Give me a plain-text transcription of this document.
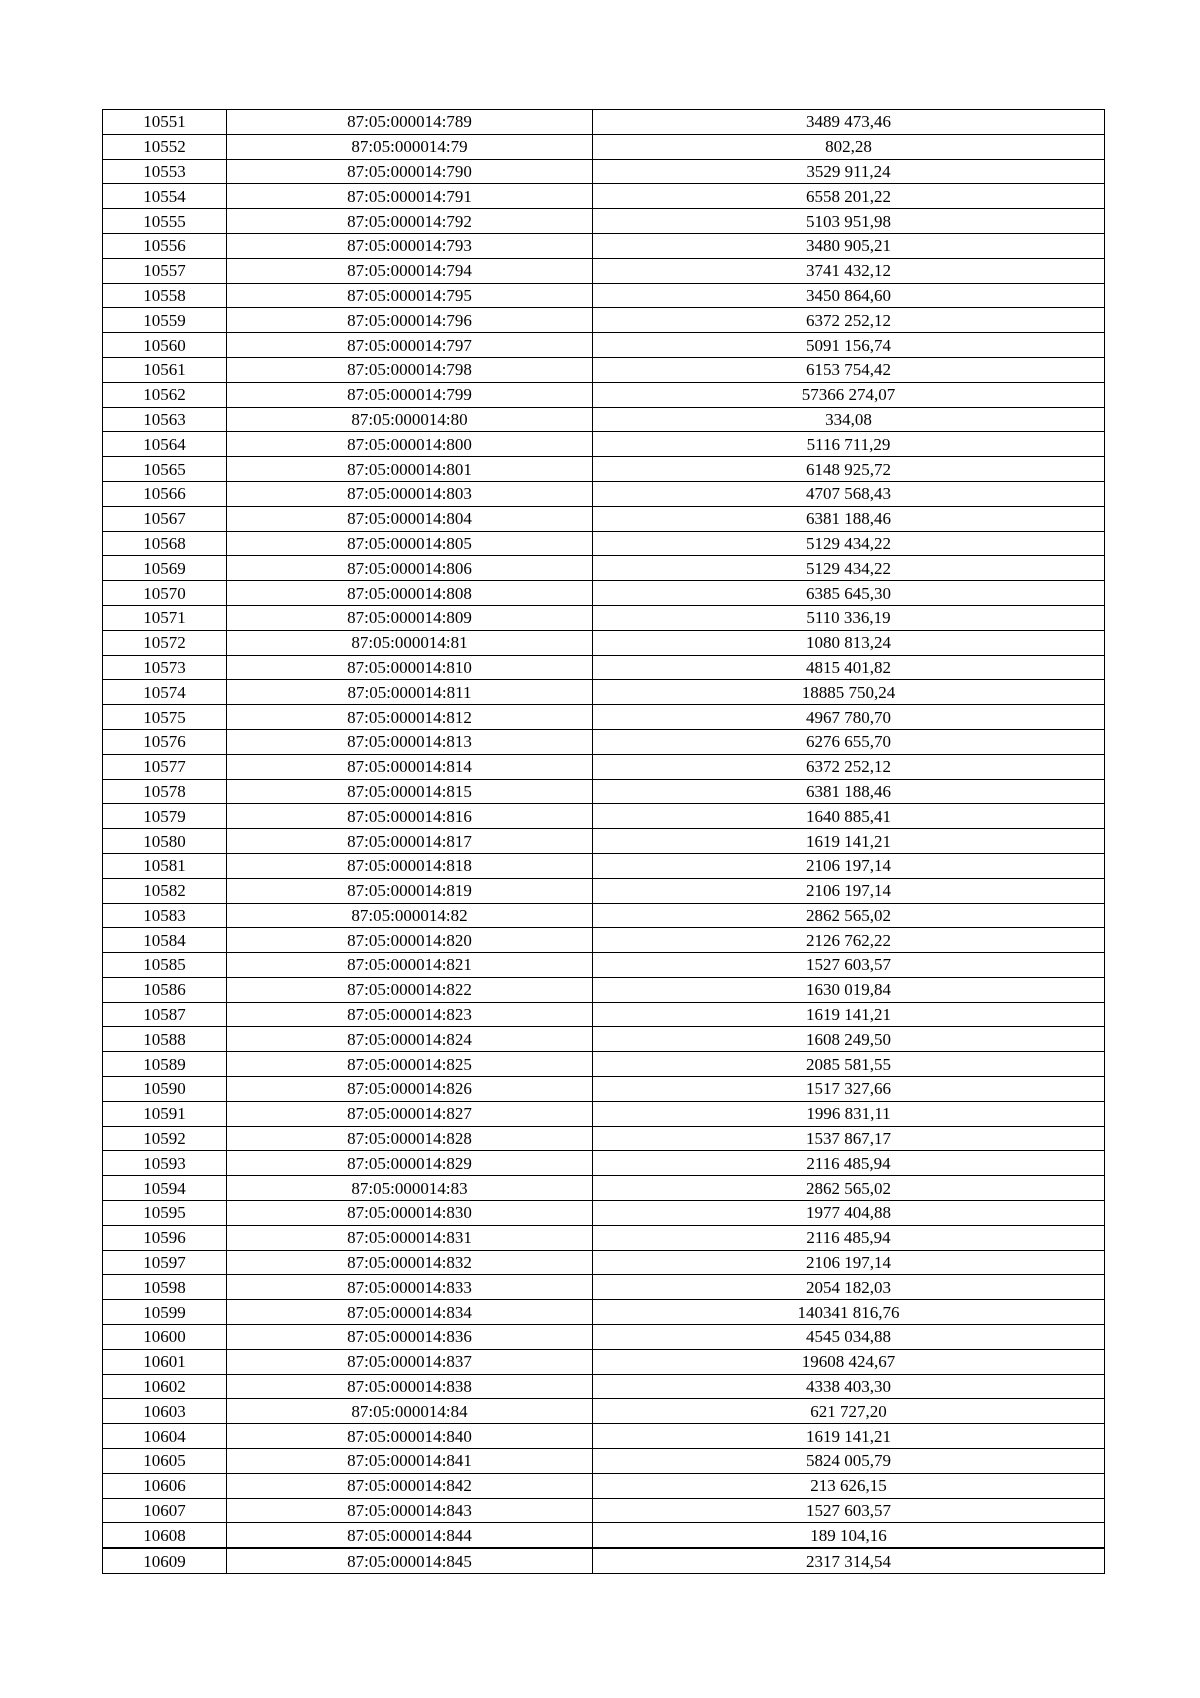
10551	87:05:000014:789	3489 473,46
10552	87:05:000014:79	802,28
10553	87:05:000014:790	3529 911,24
10554	87:05:000014:791	6558 201,22
10555	87:05:000014:792	5103 951,98
10556	87:05:000014:793	3480 905,21
10557	87:05:000014:794	3741 432,12
10558	87:05:000014:795	3450 864,60
10559	87:05:000014:796	6372 252,12
10560	87:05:000014:797	5091 156,74
10561	87:05:000014:798	6153 754,42
10562	87:05:000014:799	57366 274,07
10563	87:05:000014:80	334,08
10564	87:05:000014:800	5116 711,29
10565	87:05:000014:801	6148 925,72
10566	87:05:000014:803	4707 568,43
10567	87:05:000014:804	6381 188,46
10568	87:05:000014:805	5129 434,22
10569	87:05:000014:806	5129 434,22
10570	87:05:000014:808	6385 645,30
10571	87:05:000014:809	5110 336,19
10572	87:05:000014:81	1080 813,24
10573	87:05:000014:810	4815 401,82
10574	87:05:000014:811	18885 750,24
10575	87:05:000014:812	4967 780,70
10576	87:05:000014:813	6276 655,70
10577	87:05:000014:814	6372 252,12
10578	87:05:000014:815	6381 188,46
10579	87:05:000014:816	1640 885,41
10580	87:05:000014:817	1619 141,21
10581	87:05:000014:818	2106 197,14
10582	87:05:000014:819	2106 197,14
10583	87:05:000014:82	2862 565,02
10584	87:05:000014:820	2126 762,22
10585	87:05:000014:821	1527 603,57
10586	87:05:000014:822	1630 019,84
10587	87:05:000014:823	1619 141,21
10588	87:05:000014:824	1608 249,50
10589	87:05:000014:825	2085 581,55
10590	87:05:000014:826	1517 327,66
10591	87:05:000014:827	1996 831,11
10592	87:05:000014:828	1537 867,17
10593	87:05:000014:829	2116 485,94
10594	87:05:000014:83	2862 565,02
10595	87:05:000014:830	1977 404,88
10596	87:05:000014:831	2116 485,94
10597	87:05:000014:832	2106 197,14
10598	87:05:000014:833	2054 182,03
10599	87:05:000014:834	140341 816,76
10600	87:05:000014:836	4545 034,88
10601	87:05:000014:837	19608 424,67
10602	87:05:000014:838	4338 403,30
10603	87:05:000014:84	621 727,20
10604	87:05:000014:840	1619 141,21
10605	87:05:000014:841	5824 005,79
10606	87:05:000014:842	213 626,15
10607	87:05:000014:843	1527 603,57
10608	87:05:000014:844	189 104,16
10609	87:05:000014:845	2317 314,54
